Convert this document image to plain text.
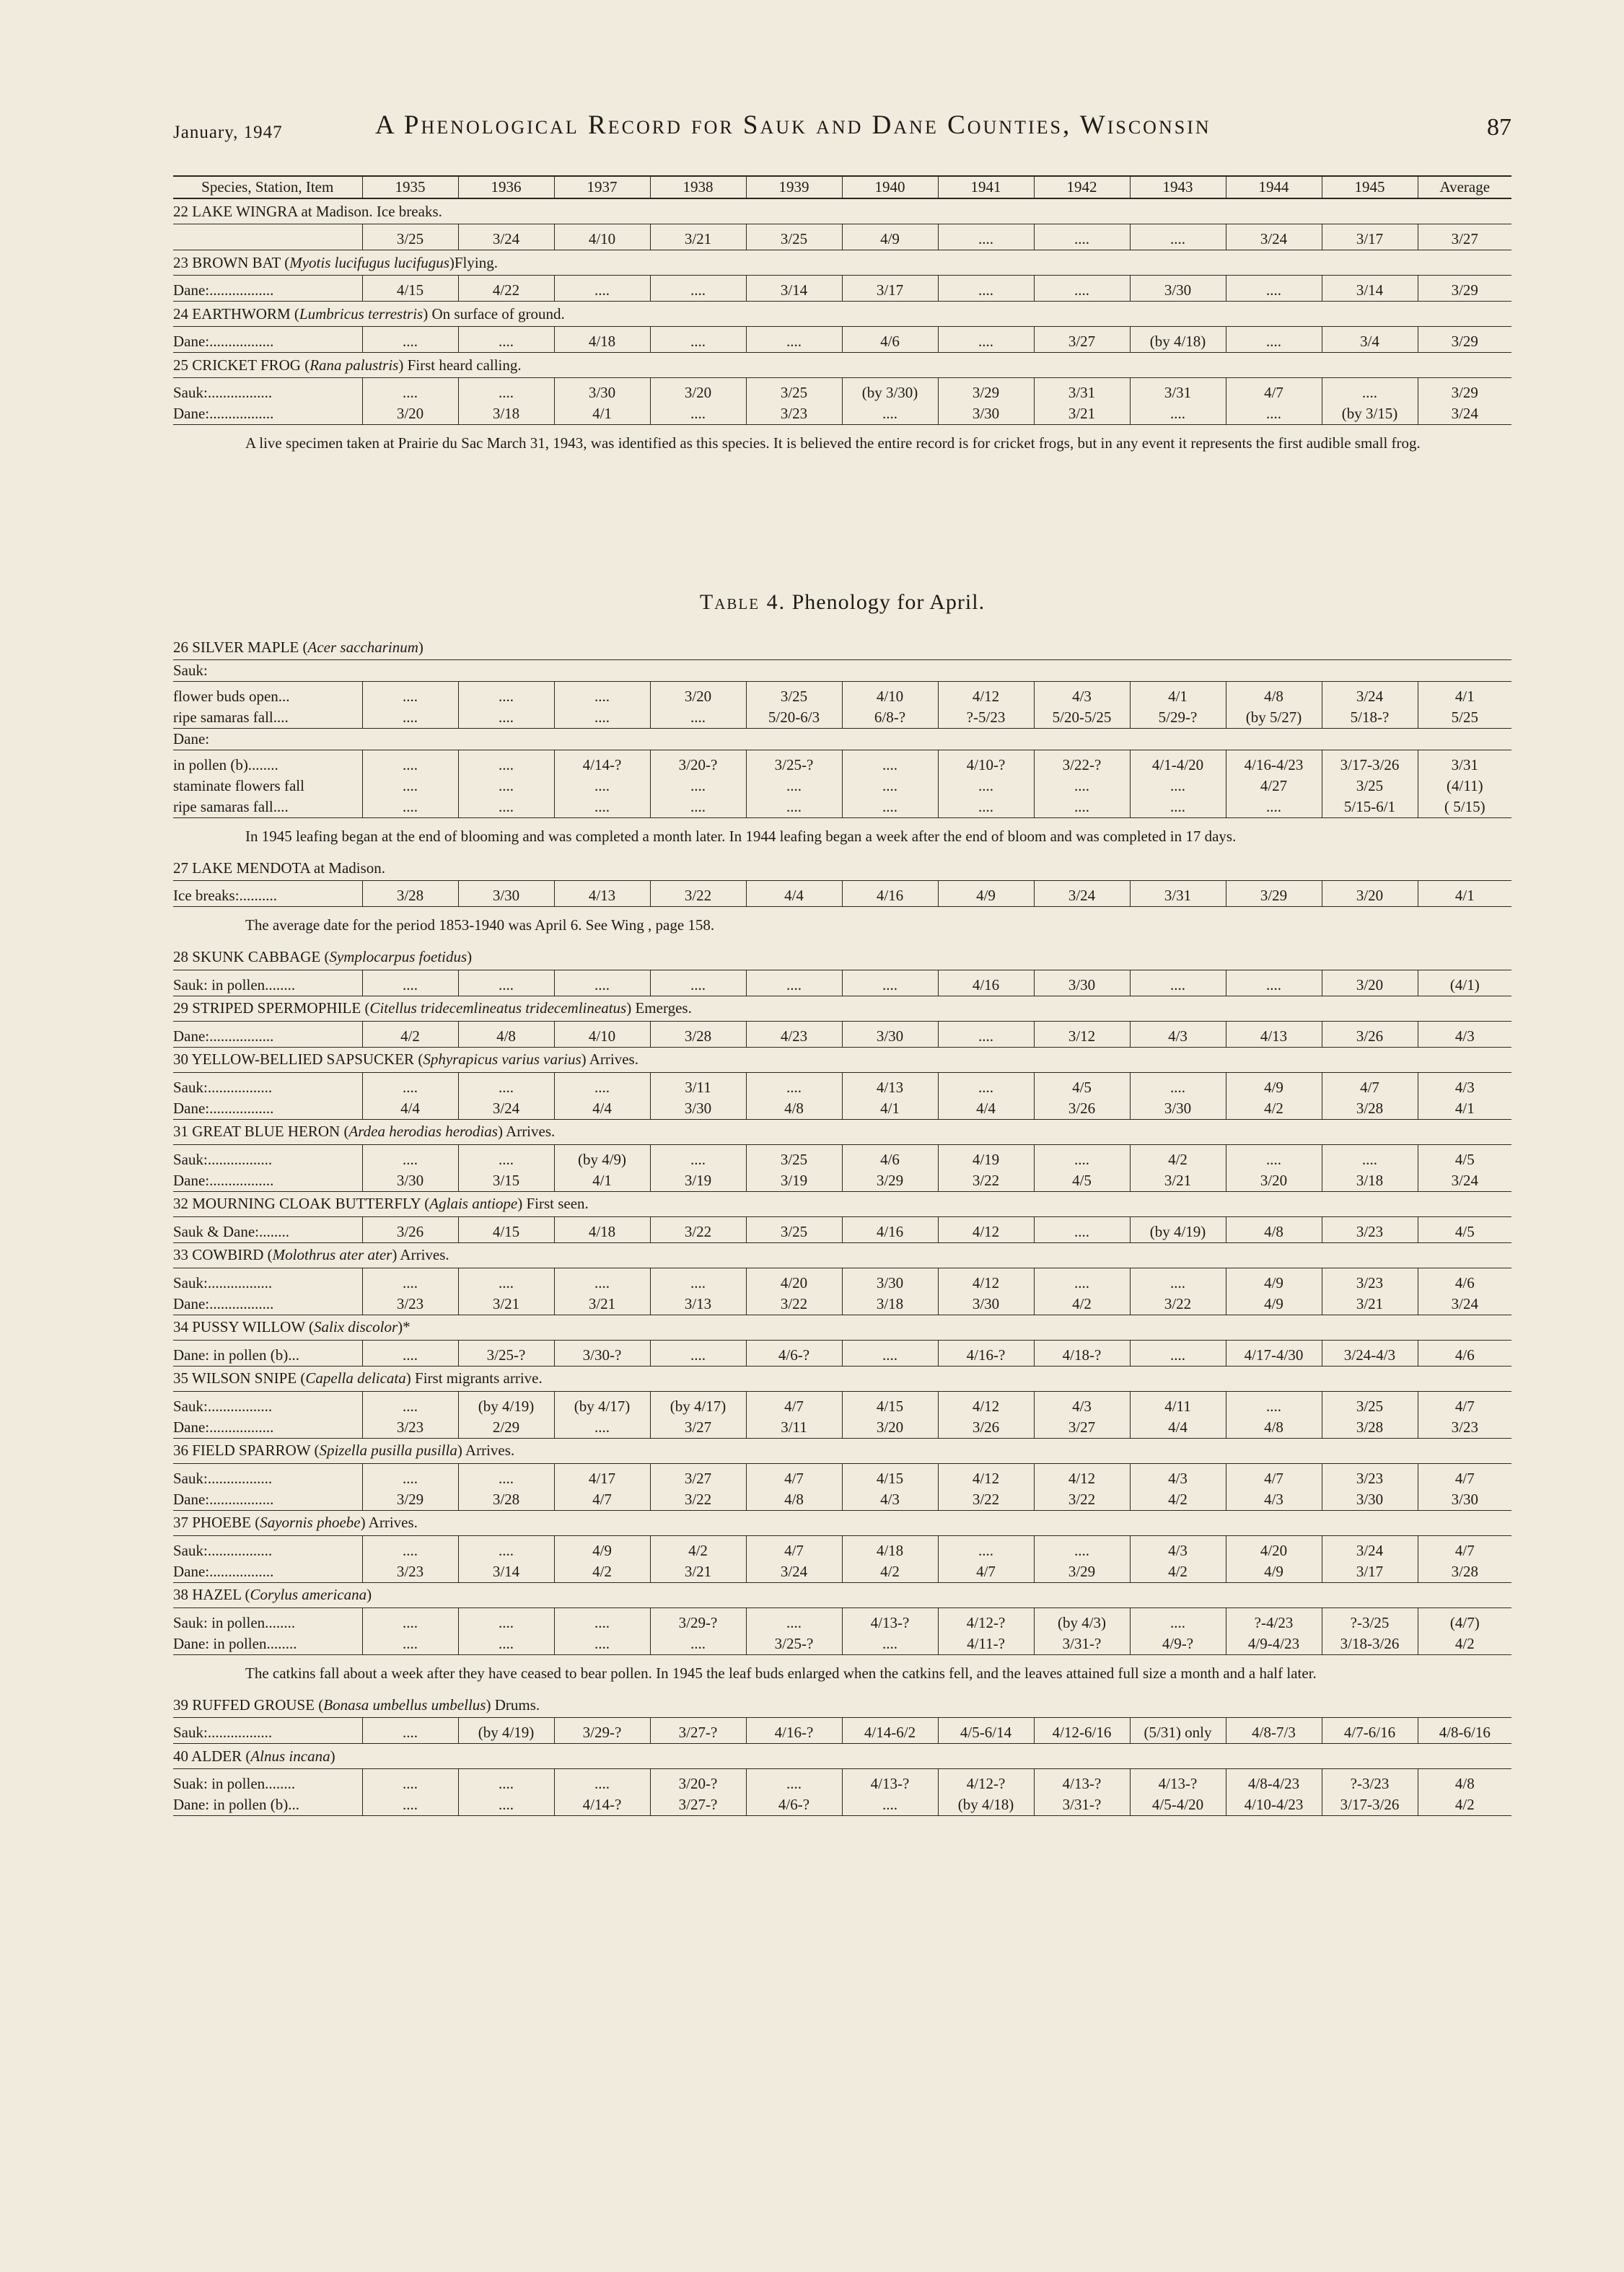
January, 1947	A Phenological Record for Sauk and Dane Counties, Wisconsin	87
Species, Station, Item	1935	1936	1937	1938	1939	1940	1941	1942	1943	1944	1945	Average
22 LAKE WINGRA at Madison. Ice breaks.												
	3/25	3/24	4/10	3/21	3/25	4/9	....	....	....	3/24	3/17	3/27
23 BROWN BAT (Myotis lucifugus lucifugus)Flying.												
Dane:.................	4/15	4/22	....	....	3/14	3/17	....	....	3/30	....	3/14	3/29
24 EARTHWORM (Lumbricus terrestris) On surface of ground.												
Dane:.................	....	....	4/18	....	....	4/6	....	3/27	(by 4/18)	....	3/4	3/29
25 CRICKET FROG (Rana palustris) First heard calling.												
Sauk:.................	....	....	3/30	3/20	3/25	(by 3/30)	3/29	3/31	3/31	4/7	....	3/29
Dane:.................	3/20	3/18	4/1	....	3/23	....	3/30	3/21	....	....	(by 3/15)	3/24
A live specimen taken at Prairie du Sac March 31, 1943, was identified as this species. It is believed the entire record is for cricket frogs, but in any event it represents the first audible small frog.												
Table 4. Phenology for April.
26 SILVER MAPLE (Acer saccharinum)												
Sauk:												
flower buds open...	....	....	....	3/20	3/25	4/10	4/12	4/3	4/1	4/8	3/24	4/1
ripe samaras fall....	....	....	....	....	5/20-6/3	6/8-?	?-5/23	5/20-5/25	5/29-?	(by 5/27)	5/18-?	5/25
Dane:												
in pollen (b)........	....	....	4/14-?	3/20-?	3/25-?	....	4/10-?	3/22-?	4/1-4/20	4/16-4/23	3/17-3/26	3/31
staminate flowers fall	....	....	....	....	....	....	....	....	....	4/27	3/25	(4/11)
ripe samaras fall....	....	....	....	....	....	....	....	....	....	....	5/15-6/1	( 5/15)
In 1945 leafing began at the end of blooming and was completed a month later. In 1944 leafing began a week after the end of bloom and was completed in 17 days.												
27 LAKE MENDOTA at Madison.												
Ice breaks:..........	3/28	3/30	4/13	3/22	4/4	4/16	4/9	3/24	3/31	3/29	3/20	4/1
The average date for the period 1853-1940 was April 6. See Wing , page 158.												
28 SKUNK CABBAGE (Symplocarpus foetidus)												
Sauk: in pollen........	....	....	....	....	....	....	4/16	3/30	....	....	3/20	(4/1)
29 STRIPED SPERMOPHILE (Citellus tridecemlineatus tridecemlineatus) Emerges.												
Dane:.................	4/2	4/8	4/10	3/28	4/23	3/30	....	3/12	4/3	4/13	3/26	4/3
30 YELLOW-BELLIED SAPSUCKER (Sphyrapicus varius varius) Arrives.												
Sauk:.................	....	....	....	3/11	....	4/13	....	4/5	....	4/9	4/7	4/3
Dane:.................	4/4	3/24	4/4	3/30	4/8	4/1	4/4	3/26	3/30	4/2	3/28	4/1
31 GREAT BLUE HERON (Ardea herodias herodias) Arrives.												
Sauk:.................	....	....	(by 4/9)	....	3/25	4/6	4/19	....	4/2	....	....	4/5
Dane:.................	3/30	3/15	4/1	3/19	3/19	3/29	3/22	4/5	3/21	3/20	3/18	3/24
32 MOURNING CLOAK BUTTERFLY (Aglais antiope) First seen.												
Sauk & Dane:........	3/26	4/15	4/18	3/22	3/25	4/16	4/12	....	(by 4/19)	4/8	3/23	4/5
33 COWBIRD (Molothrus ater ater) Arrives.												
Sauk:.................	....	....	....	....	4/20	3/30	4/12	....	....	4/9	3/23	4/6
Dane:.................	3/23	3/21	3/21	3/13	3/22	3/18	3/30	4/2	3/22	4/9	3/21	3/24
34 PUSSY WILLOW (Salix discolor)*												
Dane: in pollen (b)...	....	3/25-?	3/30-?	....	4/6-?	....	4/16-?	4/18-?	....	4/17-4/30	3/24-4/3	4/6
35 WILSON SNIPE (Capella delicata) First migrants arrive.												
Sauk:.................	....	(by 4/19)	(by 4/17)	(by 4/17)	4/7	4/15	4/12	4/3	4/11	....	3/25	4/7
Dane:.................	3/23	2/29	....	3/27	3/11	3/20	3/26	3/27	4/4	4/8	3/28	3/23
36 FIELD SPARROW (Spizella pusilla pusilla) Arrives.												
Sauk:.................	....	....	4/17	3/27	4/7	4/15	4/12	4/12	4/3	4/7	3/23	4/7
Dane:.................	3/29	3/28	4/7	3/22	4/8	4/3	3/22	3/22	4/2	4/3	3/30	3/30
37 PHOEBE (Sayornis phoebe) Arrives.												
Sauk:.................	....	....	4/9	4/2	4/7	4/18	....	....	4/3	4/20	3/24	4/7
Dane:.................	3/23	3/14	4/2	3/21	3/24	4/2	4/7	3/29	4/2	4/9	3/17	3/28
38 HAZEL (Corylus americana)												
Sauk: in pollen........	....	....	....	3/29-?	....	4/13-?	4/12-?	(by 4/3)	....	?-4/23	?-3/25	(4/7)
Dane: in pollen........	....	....	....	....	3/25-?	....	4/11-?	3/31-?	4/9-?	4/9-4/23	3/18-3/26	4/2
The catkins fall about a week after they have ceased to bear pollen. In 1945 the leaf buds enlarged when the catkins fell, and the leaves attained full size a month and a half later.												
39 RUFFED GROUSE (Bonasa umbellus umbellus) Drums.												
Sauk:.................	....	(by 4/19)	3/29-?	3/27-?	4/16-?	4/14-6/2	4/5-6/14	4/12-6/16	(5/31) only	4/8-7/3	4/7-6/16	4/8-6/16
40 ALDER (Alnus incana)												
Suak: in pollen........	....	....	....	3/20-?	....	4/13-?	4/12-?	4/13-?	4/13-?	4/8-4/23	?-3/23	4/8
Dane: in pollen (b)...	....	....	4/14-?	3/27-?	4/6-?	....	(by 4/18)	3/31-?	4/5-4/20	4/10-4/23	3/17-3/26	4/2
